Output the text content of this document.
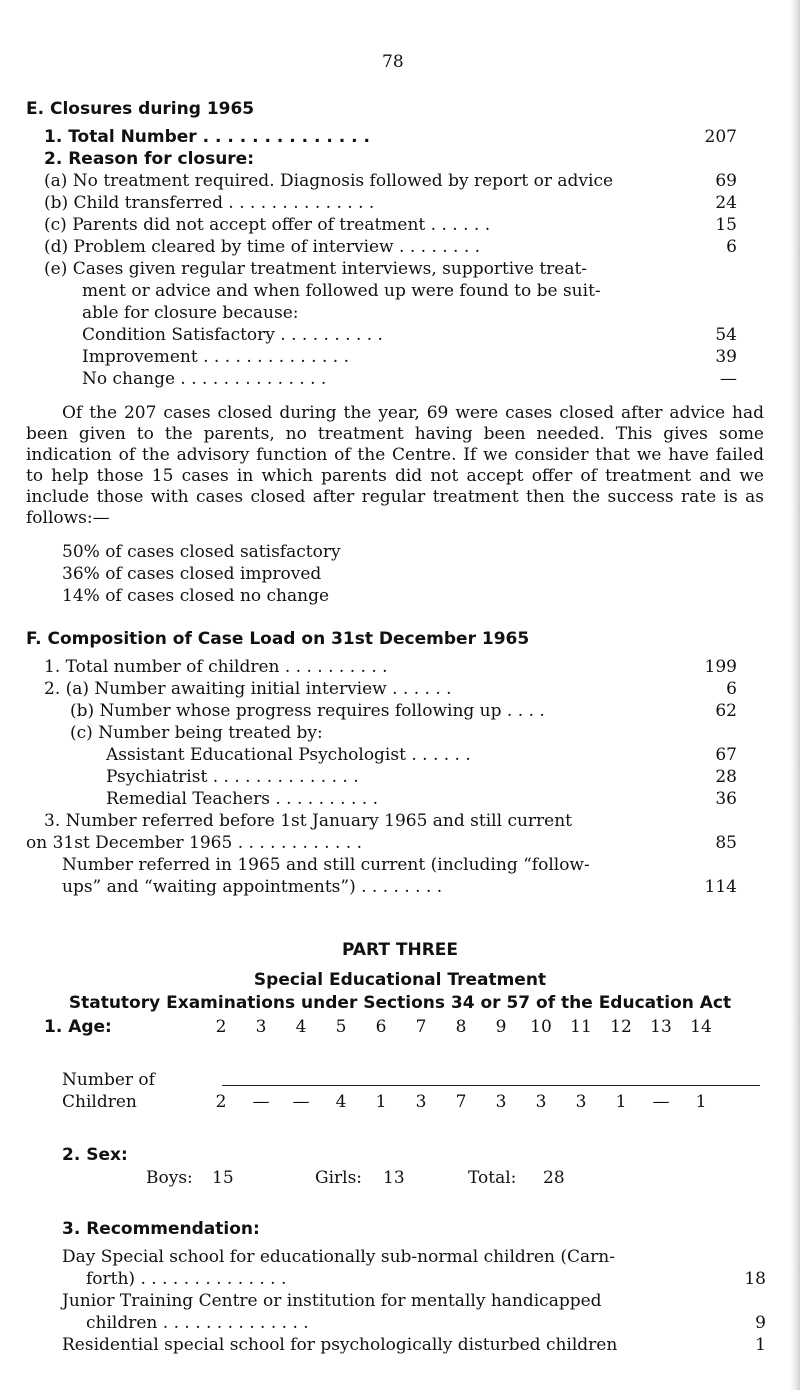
78
E. Closures during 1965
1. Total Number . . . . . . . . . . . . . .	207
2. Reason for closure:
(a) No treatment required. Diagnosis followed by report or advice	69
(b) Child transferred . . . . . . . . . . . . . .	24
(c) Parents did not accept offer of treatment . . . . . .	15
(d) Problem cleared by time of interview . . . . . . . .	6
(e) Cases given regular treatment interviews, supportive treat-
ment or advice and when followed up were found to be suit-
able for closure because:
Condition Satisfactory . . . . . . . . . .	54
Improvement . . . . . . . . . . . . . .	39
No change . . . . . . . . . . . . . .	—
Of the 207 cases closed during the year, 69 were cases closed after advice had been given to the parents, no treatment having been needed. This gives some indication of the advisory function of the Centre. If we consider that we have failed to help those 15 cases in which parents did not accept offer of treatment and we include those with cases closed after regular treatment then the success rate is as follows:—
50% of cases closed satisfactory
36% of cases closed improved
14% of cases closed no change
F. Composition of Case Load on 31st December 1965
1. Total number of children . . . . . . . . . .	199
2. (a) Number awaiting initial interview . . . . . .	6
(b) Number whose progress requires following up . . . .	62
(c) Number being treated by:
Assistant Educational Psychologist . . . . . .	67
Psychiatrist . . . . . . . . . . . . . .	28
Remedial Teachers . . . . . . . . . .	36
3. Number referred before 1st January 1965 and still current
on 31st December 1965 . . . . . . . . . . . .	85
Number referred in 1965 and still current (including “follow-
ups” and “waiting appointments”) . . . . . . . .	114
PART THREE
Special Educational Treatment
Statutory Examinations under Sections 34 or 57 of the Education Act
1. Age:	2	3	4	5	6	7	8	9	10	11	12	13	14
Number of
Children	2	—	—	4	1	3	7	3	3	3	1	—	1
2. Sex:
Boys: 15	Girls: 13	Total: 28
3. Recommendation:
Day Special school for educationally sub-normal children (Carn-
forth) . . . . . . . . . . . . . .	18
Junior Training Centre or institution for mentally handicapped
children . . . . . . . . . . . . . .	9
Residential special school for psychologically disturbed children	1
